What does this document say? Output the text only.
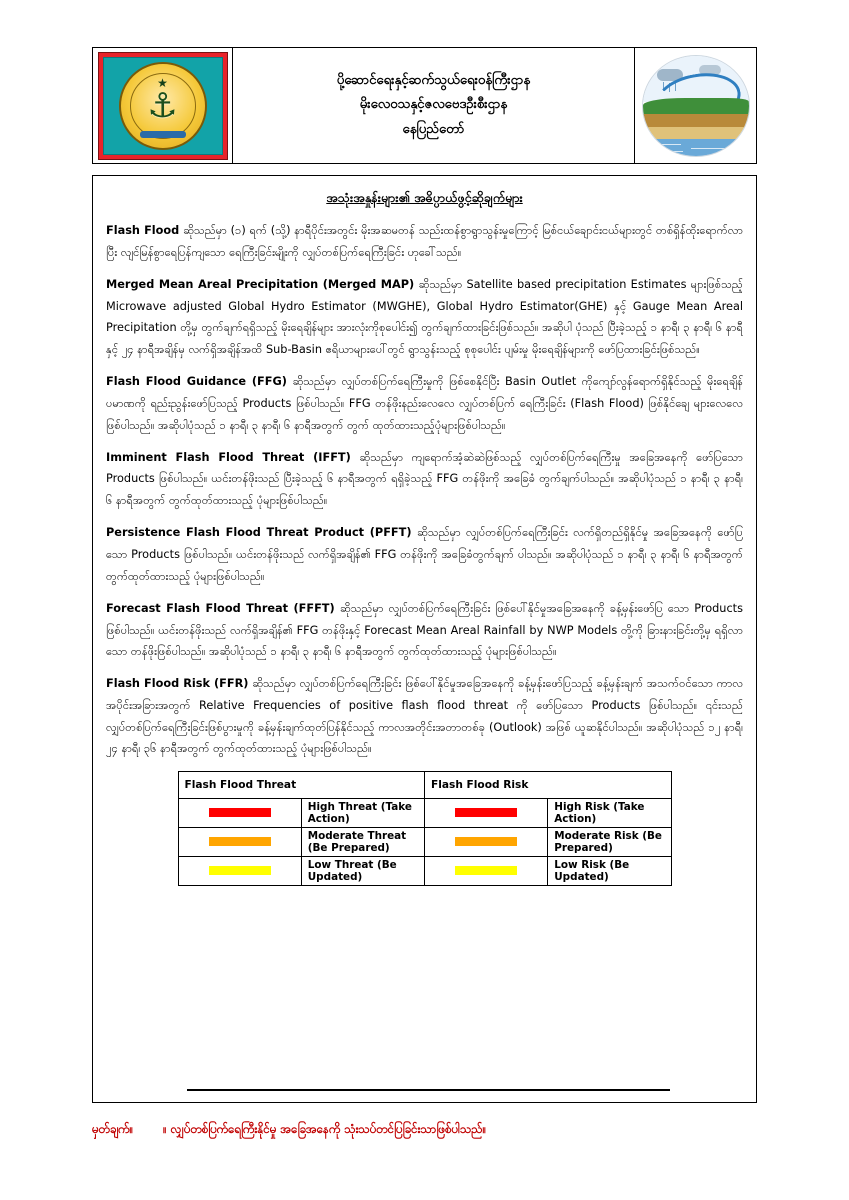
★
⚓
ပို့ဆောင်ရေးနှင့်ဆက်သွယ်ရေးဝန်ကြီးဌာန
မိုးလေဝသနှင့်ဇလဗေဒဦးစီးဌာန
နေပြည်တော်
အသုံးအနှုန်းများ၏ အဓိပ္ပာယ်ဖွင့်ဆိုချက်များ

Flash Flood ဆိုသည်မှာ (၁) ရက် (သို့) နာရီပိုင်းအတွင်း မိုးအဆမတန် သည်းထန်စွာရွာသွန်းမှုကြောင့် မြစ်ငယ်ချောင်းငယ်များတွင် တစ်ရှိန်ထိုးရောက်လာပြီး လျင်မြန်စွာရေပြန်ကျသော ရေကြီးခြင်းမျိုးကို လျှပ်တစ်ပြက်ရေကြီးခြင်း ဟုခေါ်သည်။

Merged Mean Areal Precipitation (Merged MAP) ဆိုသည်မှာ Satellite based precipitation Estimates များဖြစ်သည့် Microwave adjusted Global Hydro Estimator (MWGHE), Global Hydro Estimator(GHE) နှင့် Gauge Mean Areal Precipitation တို့မှ တွက်ချက်ရရှိသည့် မိုးရေချိန်များ အားလုံးကိုစုပေါင်း၍ တွက်ချက်ထားခြင်းဖြစ်သည်။ အဆိုပါ ပုံသည် ပြီးခဲ့သည့် ၁ နာရီ၊ ၃ နာရီ၊ ၆ နာရီနှင့် ၂၄ နာရီအချိန်မှ လက်ရှိအချိန်အထိ Sub-Basin ဧရိယာများပေါ်တွင် ရွာသွန်းသည့် စုစုပေါင်း ပျမ်းမှု မိုးရေချိန်များကို ဖော်ပြထားခြင်းဖြစ်သည်။

Flash Flood Guidance (FFG) ဆိုသည်မှာ လျှပ်တစ်ပြက်ရေကြီးမှုကို ဖြစ်စေနိုင်ပြီး Basin Outlet ကိုကျော်လွန်ရောက်ရှိနိုင်သည့် မိုးရေချိန်ပမာဏကို ရည်းညွန်းဖော်ပြသည့် Products ဖြစ်ပါသည်။ FFG တန်ဖိုးနည်းလေလေ လျှပ်တစ်ပြက် ရေကြီးခြင်း (Flash Flood) ဖြစ်နိုင်ချေ များလေလေဖြစ်ပါသည်။ အဆိုပါပုံသည် ၁ နာရီ၊ ၃ နာရီ၊ ၆ နာရီအတွက် တွက် ထုတ်ထားသည့်ပုံများဖြစ်ပါသည်။

Imminent Flash Flood Threat (IFFT) ဆိုသည်မှာ ကျရောက်အံ့ဆဲဆဲဖြစ်သည့် လျှပ်တစ်ပြက်ရေကြီးမှု အခြေအနေကို ဖော်ပြသော Products ဖြစ်ပါသည်။ ယင်းတန်ဖိုးသည် ပြီးခဲ့သည့် ၆ နာရီအတွက် ရရှိခဲ့သည့် FFG တန်ဖိုးကို အခြေခံ တွက်ချက်ပါသည်။ အဆိုပါပုံသည် ၁ နာရီ၊ ၃ နာရီ၊ ၆ နာရီအတွက် တွက်ထုတ်ထားသည့် ပုံများဖြစ်ပါသည်။

Persistence Flash Flood Threat Product (PFFT) ဆိုသည်မှာ လျှပ်တစ်ပြက်ရေကြီးခြင်း လက်ရှိတည်ရှိနိုင်မှု အခြေအနေကို ဖော်ပြသော Products ဖြစ်ပါသည်။ ယင်းတန်ဖိုးသည် လက်ရှိအချိန်၏ FFG တန်ဖိုးကို အခြေခံတွက်ချက် ပါသည်။ အဆိုပါပုံသည် ၁ နာရီ၊ ၃ နာရီ၊ ၆ နာရီအတွက် တွက်ထုတ်ထားသည့် ပုံများဖြစ်ပါသည်။

Forecast Flash Flood Threat (FFFT) ဆိုသည်မှာ လျှပ်တစ်ပြက်ရေကြီးခြင်း ဖြစ်ပေါ်နိုင်မှုအခြေအနေကို ခန့်မှန်းဖော်ပြ သော Products ဖြစ်ပါသည်။ ယင်းတန်ဖိုးသည် လက်ရှိအချိန်၏ FFG တန်ဖိုးနှင့် Forecast Mean Areal Rainfall by NWP Models တို့ကို ခြားနားခြင်းတို့မှ ရရှိလာသော တန်ဖိုးဖြစ်ပါသည်။ အဆိုပါပုံသည် ၁ နာရီ၊ ၃ နာရီ၊ ၆ နာရီအတွက် တွက်ထုတ်ထားသည့် ပုံများဖြစ်ပါသည်။

Flash Flood Risk (FFR) ဆိုသည်မှာ လျှပ်တစ်ပြက်ရေကြီးခြင်း ဖြစ်ပေါ်နိုင်မှုအခြေအနေကို ခန့်မှန်းဖော်ပြသည့် ခန့်မှန်းချက် အသက်ဝင်သော ကာလအပိုင်းအခြားအတွက် Relative Frequencies of positive flash flood threat ကို ဖော်ပြသော Products ဖြစ်ပါသည်။ ၎င်းသည် လျှပ်တစ်ပြက်ရေကြီးခြင်းဖြစ်ပွားမှုကို ခန့်မှန်းချက်ထုတ်ပြန်နိုင်သည့် ကာလအတိုင်းအတာတစ်ခု (Outlook) အဖြစ် ယူဆနိုင်ပါသည်။ အဆိုပါပုံသည် ၁၂ နာရီ၊ ၂၄ နာရီ၊ ၃၆ နာရီအတွက် တွက်ထုတ်ထားသည့် ပုံများဖြစ်ပါသည်။

Flash Flood Threat		Flash Flood Risk	

	High Threat (Take Action)		High Risk (Take Action)

	Moderate Threat (Be Prepared)		Moderate Risk (Be Prepared)

	Low Threat (Be Updated)		Low Risk (Be Updated)
မှတ်ချက်။	။ လျှပ်တစ်ပြက်ရေကြီးနိုင်မှု အခြေအနေကို သုံးသပ်တင်ပြခြင်းသာဖြစ်ပါသည်။
